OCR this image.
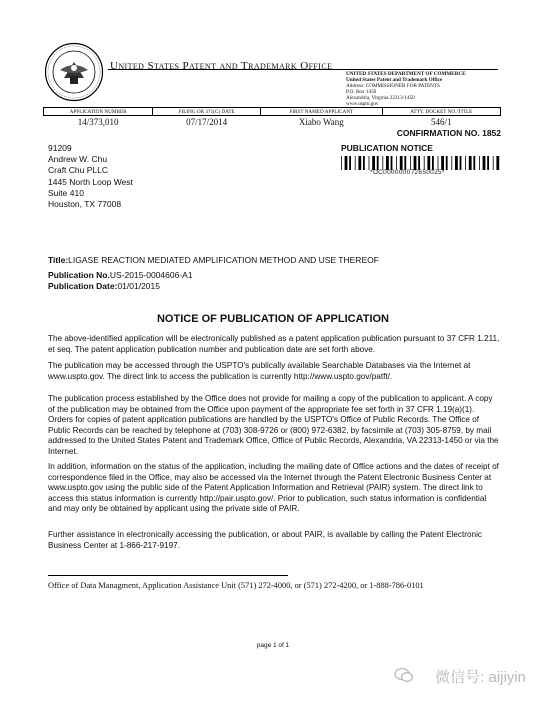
United States Patent and Trademark Office
UNITED STATES DEPARTMENT OF COMMERCE
United States Patent and Trademark Office
Address: COMMISSIONER FOR PATENTS
P.O. Box 1450
Alexandria, Virginia 22313-1450
www.uspto.gov
APPLICATION NUMBER	FILING OR 371(C) DATE	FIRST NAMED APPLICANT	ATTY. DOCKET NO./TITLE
14/373,010	07/17/2014	Xiabo Wang	546/1
CONFIRMATION NO. 1852
91209
Andrew W. Chu
Craft Chu PLLC
1445 North Loop West
Suite 410
Houston, TX 77008
PUBLICATION NOTICE
*OC000000072650025*
Title:LIGASE REACTION MEDIATED AMPLIFICATION METHOD AND USE THEREOF
Publication No.US-2015-0004606-A1
Publication Date:01/01/2015
NOTICE OF PUBLICATION OF APPLICATION
The above-identified application will be electronically published as a patent application publication pursuant to 37 CFR 1.211, et seq. The patent application publication number and publication date are set forth above.
The publication may be accessed through the USPTO's publically available Searchable Databases via the Internet at www.uspto.gov. The direct link to access the publication is currently http://www.uspto.gov/patft/.
The publication process established by the Office does not provide for mailing a copy of the publication to applicant. A copy of the publication may be obtained from the Office upon payment of the appropriate fee set forth in 37 CFR 1.19(a)(1). Orders for copies of patent application publications are handled by the USPTO's Office of Public Records. The Office of Public Records can be reached by telephone at (703) 308-9726 or (800) 972-6382, by facsimile at (703) 305-8759, by mail addressed to the United States Patent and Trademark Office, Office of Public Records, Alexandria, VA 22313-1450 or via the Internet.
In addition, information on the status of the application, including the mailing date of Office actions and the dates of receipt of correspondence filed in the Office, may also be accessed via the Internet through the Patent Electronic Business Center at www.uspto.gov using the public side of the Patent Application Information and Retrieval (PAIR) system. The direct link to access this status information is currently http://pair.uspto.gov/. Prior to publication, such status information is confidential and may only be obtained by applicant using the private side of PAIR.
Further assistance in electronically accessing the publication, or about PAIR, is available by calling the Patent Electronic Business Center at 1-866-217-9197.
Office of Data Managment, Application Assistance Unit (571) 272-4000, or (571) 272-4200, or 1-888-786-0101
page 1 of 1
微信号: aijiyin
